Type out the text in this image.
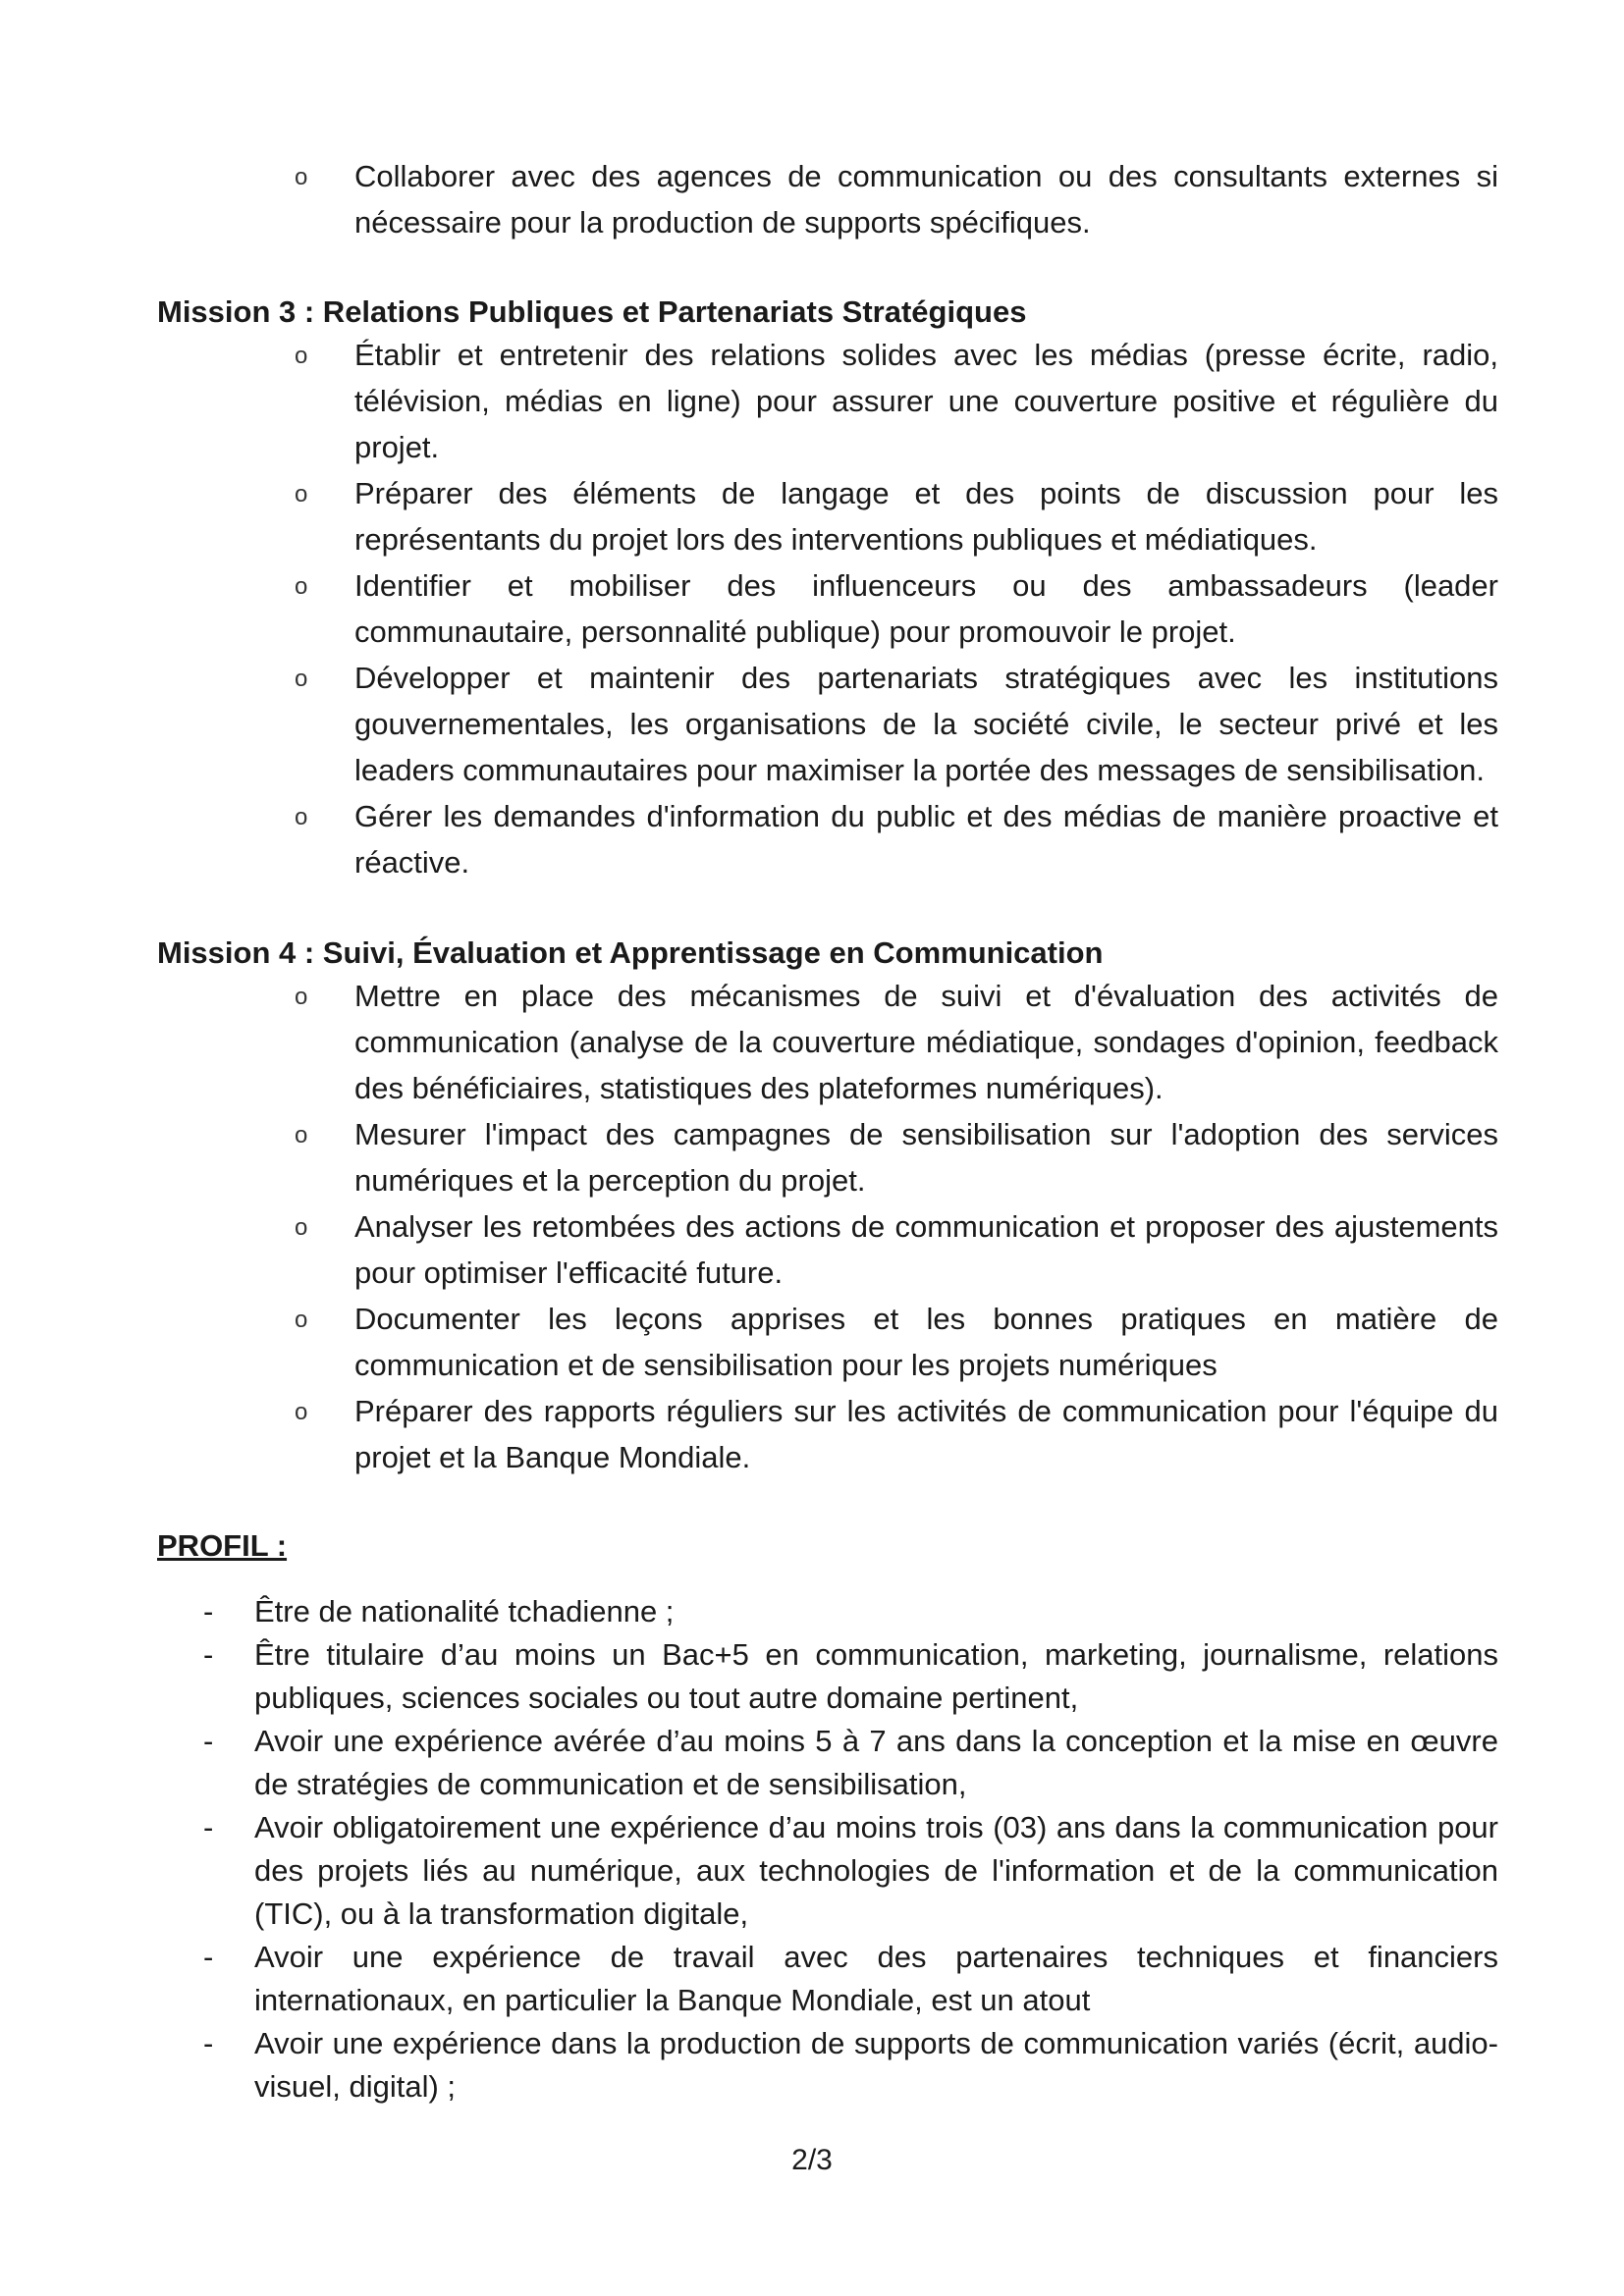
o	Collaborer avec des agences de communication ou des consultants externes si nécessaire pour la production de supports spécifiques.
Mission 3 : Relations Publiques et Partenariats Stratégiques
o	Établir et entretenir des relations solides avec les médias (presse écrite, radio, télévision, médias en ligne) pour assurer une couverture positive et régulière du projet.
o	Préparer des éléments de langage et des points de discussion pour les représentants du projet lors des interventions publiques et médiatiques.
o	Identifier et mobiliser des influenceurs ou des ambassadeurs (leader communautaire, personnalité publique) pour promouvoir le projet.
o	Développer et maintenir des partenariats stratégiques avec les institutions gouvernementales, les organisations de la société civile, le secteur privé et les leaders communautaires pour maximiser la portée des messages de sensibilisation.
o	Gérer les demandes d'information du public et des médias de manière proactive et réactive.
Mission 4 : Suivi, Évaluation et Apprentissage en Communication
o	Mettre en place des mécanismes de suivi et d'évaluation des activités de communication (analyse de la couverture médiatique, sondages d'opinion, feedback des bénéficiaires, statistiques des plateformes numériques).
o	Mesurer l'impact des campagnes de sensibilisation sur l'adoption des services numériques et la perception du projet.
o	Analyser les retombées des actions de communication et proposer des ajustements pour optimiser l'efficacité future.
o	Documenter les leçons apprises et les bonnes pratiques en matière de communication et de sensibilisation pour les projets numériques
o	Préparer des rapports réguliers sur les activités de communication pour l'équipe du projet et la Banque Mondiale.
PROFIL :
-	Être de nationalité tchadienne ;
-	Être titulaire d’au moins un Bac+5 en communication, marketing, journalisme, relations publiques, sciences sociales ou tout autre domaine pertinent,
-	Avoir une expérience avérée d’au moins 5 à 7 ans dans la conception et la mise en œuvre de stratégies de communication et de sensibilisation,
-	Avoir obligatoirement une expérience d’au moins trois (03) ans dans la communication pour des projets liés au numérique, aux technologies de l'information et de la communication (TIC), ou à la transformation digitale,
-	Avoir une expérience de travail avec des partenaires techniques et financiers internationaux, en particulier la Banque Mondiale, est un atout
-	Avoir une expérience dans la production de supports de communication variés (écrit, audio-visuel, digital) ;
2/3
